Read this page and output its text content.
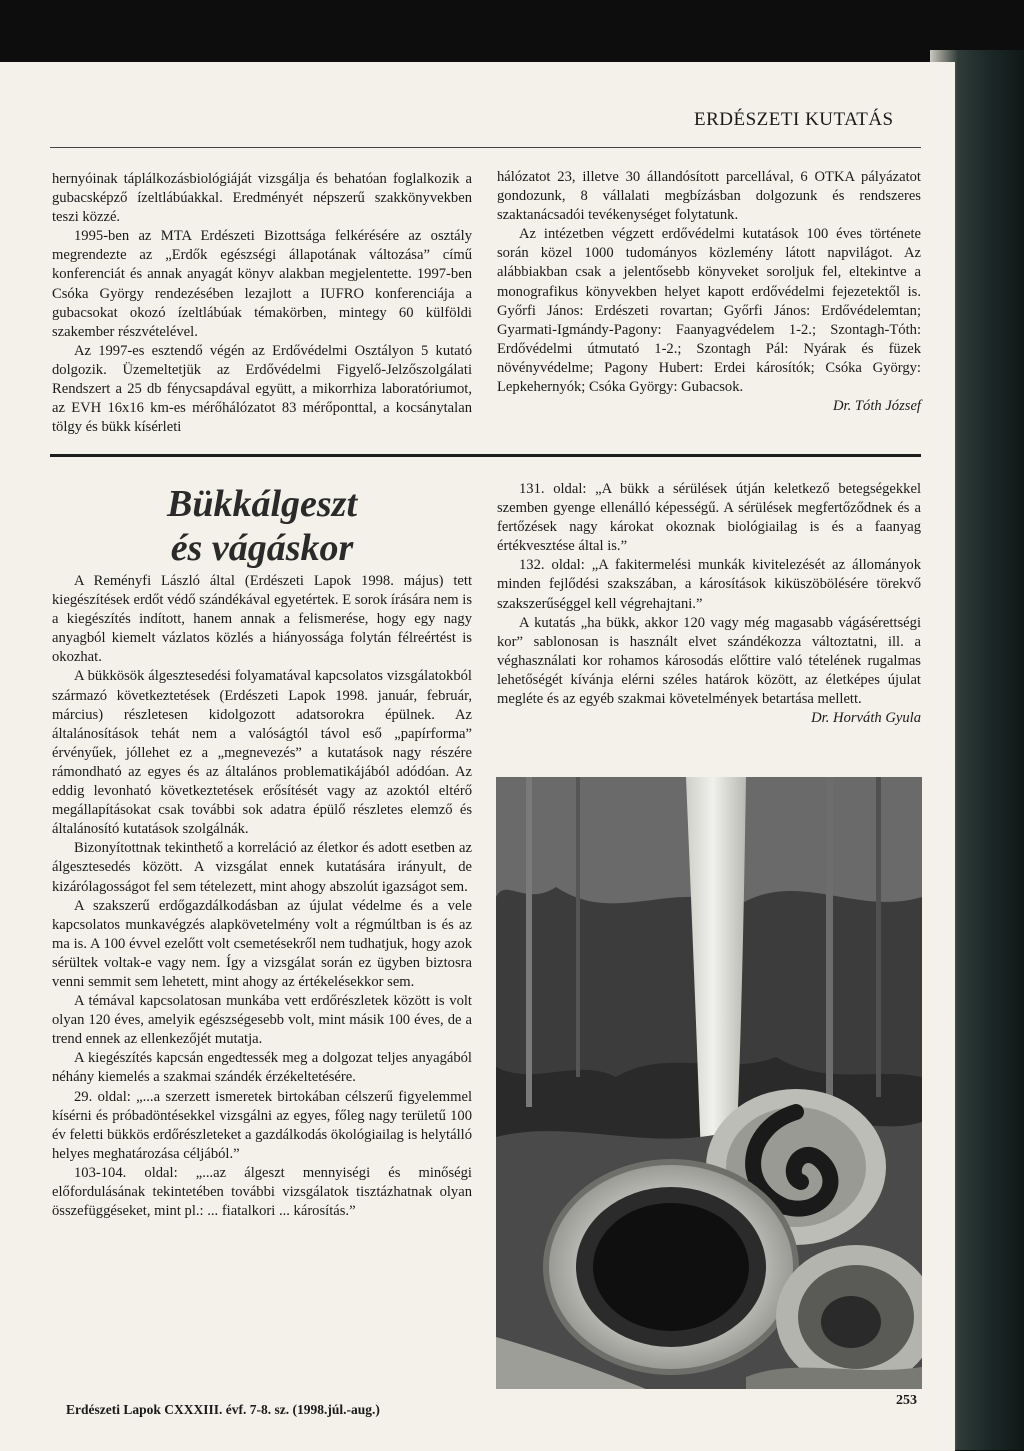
ERDÉSZETI KUTATÁS

hernyóinak táplálkozásbiológiáját vizsgálja és behatóan foglalkozik a gubacsképző ízeltlábúakkal. Eredményét népszerű szakkönyvekben teszi közzé.

1995-ben az MTA Erdészeti Bizottsága felkérésére az osztály megrendezte az „Erdők egészségi állapotának változása” című konferenciát és annak anyagát könyv alakban megjelentette. 1997-ben Csóka György rendezésében lezajlott a IUFRO konferenciája a gubacsokat okozó ízeltlábúak témakörben, mintegy 60 külföldi szakember részvételével.

Az 1997-es esztendő végén az Erdővédelmi Osztályon 5 kutató dolgozik. Üzemeltetjük az Erdővédelmi Figyelő-Jelzőszolgálati Rendszert a 25 db fénycsapdával együtt, a mikorrhiza laboratóriumot, az EVH 16x16 km-es mérőhálózatot 83 mérőponttal, a kocsánytalan tölgy és bükk kísérleti

hálózatot 23, illetve 30 állandósított parcellával, 6 OTKA pályázatot gondozunk, 8 vállalati megbízásban dolgozunk és rendszeres szaktanácsadói tevékenységet folytatunk.

Az intézetben végzett erdővédelmi kutatások 100 éves története során közel 1000 tudományos közlemény látott napvilágot. Az alábbiakban csak a jelentősebb könyveket soroljuk fel, eltekintve a monografikus könyvekben helyet kapott erdővédelmi fejezetektől is. Győrfi János: Erdészeti rovartan; Győrfi János: Erdővédelemtan; Gyarmati-Igmándy-Pagony: Faanyagvédelem 1-2.; Szontagh-Tóth: Erdővédelmi útmutató 1-2.; Szontagh Pál: Nyárak és füzek növényvédelme; Pagony Hubert: Erdei károsítók; Csóka György: Lepkehernyók; Csóka György: Gubacsok.

Dr. Tóth József

Bükkálgeszt
és vágáskor

A Reményfi László által (Erdészeti Lapok 1998. május) tett kiegészítések erdőt védő szándékával egyetértek. E sorok írására nem is a kiegészítés indított, hanem annak a felismerése, hogy egy nagy anyagból kiemelt vázlatos közlés a hiányossága folytán félreértést is okozhat.

A bükkösök álgesztesedési folyamatával kapcsolatos vizsgálatokból származó következtetések (Erdészeti Lapok 1998. január, február, március) részletesen kidolgozott adatsorokra épülnek. Az általánosítások tehát nem a valóságtól távol eső „papírforma” érvényűek, jóllehet ez a „megnevezés” a kutatások nagy részére rámondható az egyes és az általános problematikájából adódóan. Az eddig levonható következtetések erősítését vagy az azoktól eltérő megállapításokat csak további sok adatra épülő részletes elemző és általánosító kutatások szolgálnák.

Bizonyítottnak tekinthető a korreláció az életkor és adott esetben az álgesztesedés között. A vizsgálat ennek kutatására irányult, de kizárólagosságot fel sem tételezett, mint ahogy abszolút igazságot sem.

A szakszerű erdőgazdálkodásban az újulat védelme és a vele kapcsolatos munkavégzés alapkövetelmény volt a régmúltban is és az ma is. A 100 évvel ezelőtt volt csemetésekről nem tudhatjuk, hogy azok sérültek voltak-e vagy nem. Így a vizsgálat során ez ügyben biztosra venni semmit sem lehetett, mint ahogy az értékelésekkor sem.

A témával kapcsolatosan munkába vett erdőrészletek között is volt olyan 120 éves, amelyik egészségesebb volt, mint másik 100 éves, de a trend ennek az ellenkezőjét mutatja.

A kiegészítés kapcsán engedtessék meg a dolgozat teljes anyagából néhány kiemelés a szakmai szándék érzékeltetésére.

29. oldal: „...a szerzett ismeretek birtokában célszerű figyelemmel kísérni és próbadöntésekkel vizsgálni az egyes, főleg nagy területű 100 év feletti bükkös erdőrészleteket a gazdálkodás ökológiailag is helytálló helyes meghatározása céljából.”

103-104. oldal: „...az álgeszt mennyiségi és minőségi előfordulásának tekintetében további vizsgálatok tisztázhatnak olyan összefüggéseket, mint pl.: ... fiatalkori ... károsítás.”

131. oldal: „A bükk a sérülések útján keletkező betegségekkel szemben gyenge ellenálló képességű. A sérülések megfertőződnek és a fertőzések nagy károkat okoznak biológiailag is és a faanyag értékvesztése által is.”

132. oldal: „A fakitermelési munkák kivitelezését az állományok minden fejlődési szakszában, a károsítások kiküszöbölésére törekvő szakszerűséggel kell végrehajtani.”

A kutatás „ha bükk, akkor 120 vagy még magasabb vágásérettségi kor” sablonosan is használt elvet szándékozza változtatni, ill. a véghasználati kor rohamos károsodás előttire való tételének rugalmas lehetőségét kívánja elérni széles határok között, az életképes újulat megléte és az egyéb szakmai követelmények betartása mellett.

Dr. Horváth Gyula

Erdészeti Lapok CXXXIII. évf. 7-8. sz. (1998.júl.-aug.)
253
